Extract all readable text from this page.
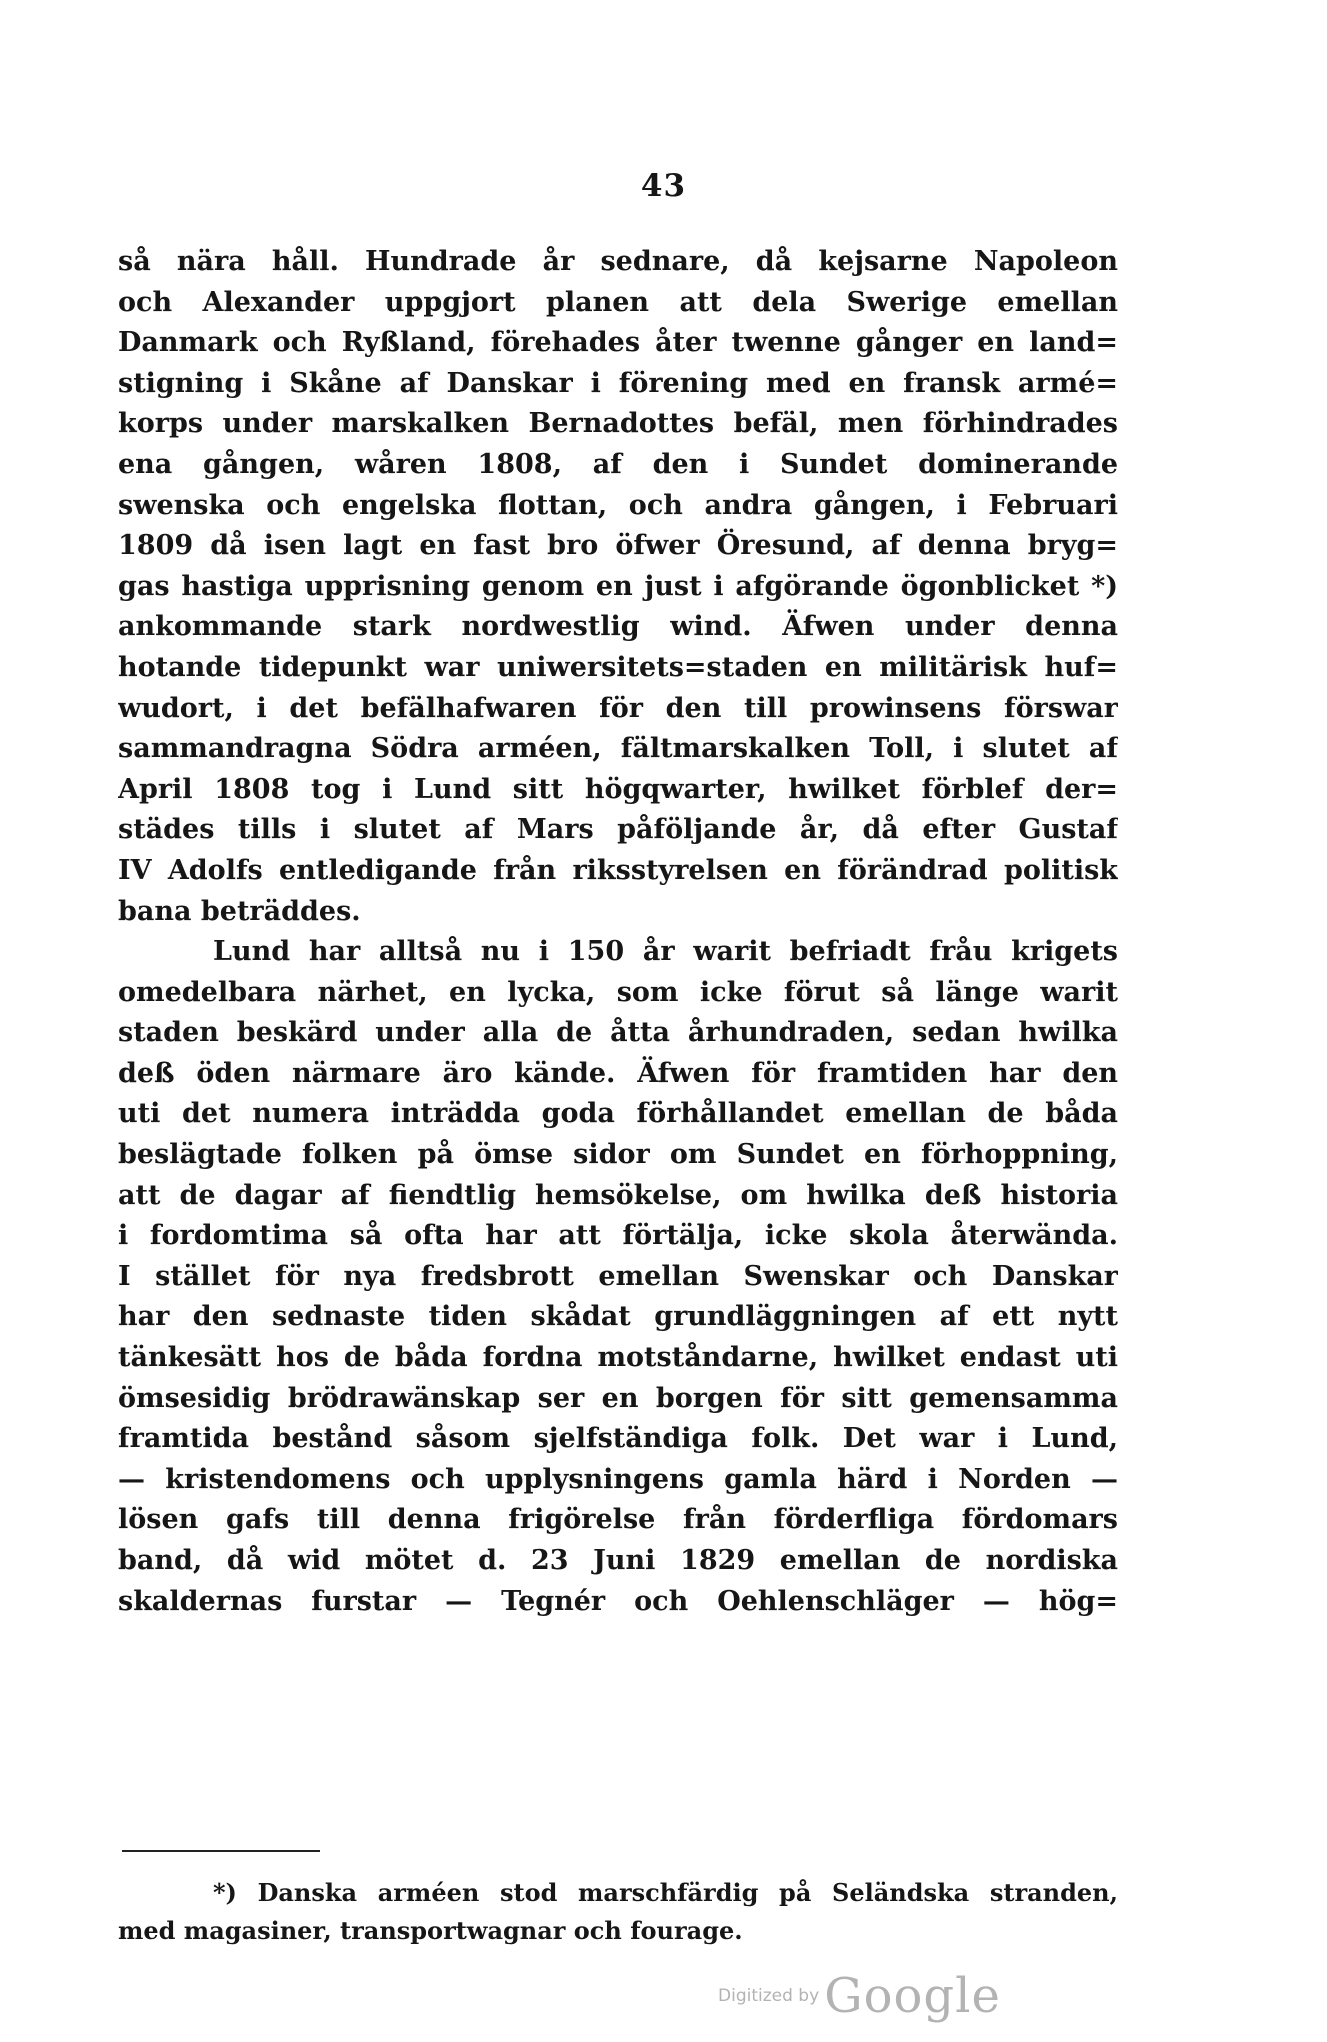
43
så nära håll. Hundrade år sednare, då kejsarne Napoleon
och Alexander uppgjort planen att dela Swerige emellan
Danmark och Ryßland, förehades åter twenne gånger en land=
stigning i Skåne af Danskar i förening med en fransk armé=
korps under marskalken Bernadottes befäl, men förhindrades
ena gången, wåren 1808, af den i Sundet dominerande
swenska och engelska flottan, och andra gången, i Februari
1809 då isen lagt en fast bro öfwer Öresund, af denna bryg=
gas hastiga upprisning genom en just i afgörande ögonblicket *)
ankommande stark nordwestlig wind. Äfwen under denna
hotande tidepunkt war uniwersitets=staden en militärisk huf=
wudort, i det befälhafwaren för den till prowinsens förswar
sammandragna Södra arméen, fältmarskalken Toll, i slutet af
April 1808 tog i Lund sitt högqwarter, hwilket förblef der=
städes tills i slutet af Mars påföljande år, då efter Gustaf
IV Adolfs entledigande från riksstyrelsen en förändrad politisk
bana beträddes.
Lund har alltså nu i 150 år warit befriadt fråu krigets
omedelbara närhet, en lycka, som icke förut så länge warit
staden beskärd under alla de åtta århundraden, sedan hwilka
deß öden närmare äro kände. Äfwen för framtiden har den
uti det numera inträdda goda förhållandet emellan de båda
beslägtade folken på ömse sidor om Sundet en förhoppning,
att de dagar af fiendtlig hemsökelse, om hwilka deß historia
i fordomtima så ofta har att förtälja, icke skola återwända.
I stället för nya fredsbrott emellan Swenskar och Danskar
har den sednaste tiden skådat grundläggningen af ett nytt
tänkesätt hos de båda fordna motståndarne, hwilket endast uti
ömsesidig brödrawänskap ser en borgen för sitt gemensamma
framtida bestånd såsom sjelfständiga folk. Det war i Lund,
— kristendomens och upplysningens gamla härd i Norden —
lösen gafs till denna frigörelse från förderfliga fördomars
band, då wid mötet d. 23 Juni 1829 emellan de nordiska
skaldernas furstar — Tegnér och Oehlenschläger — hög=
*) Danska arméen stod marschfärdig på Seländska stranden,
med magasiner, transportwagnar och fourage.
Digitized by Google
